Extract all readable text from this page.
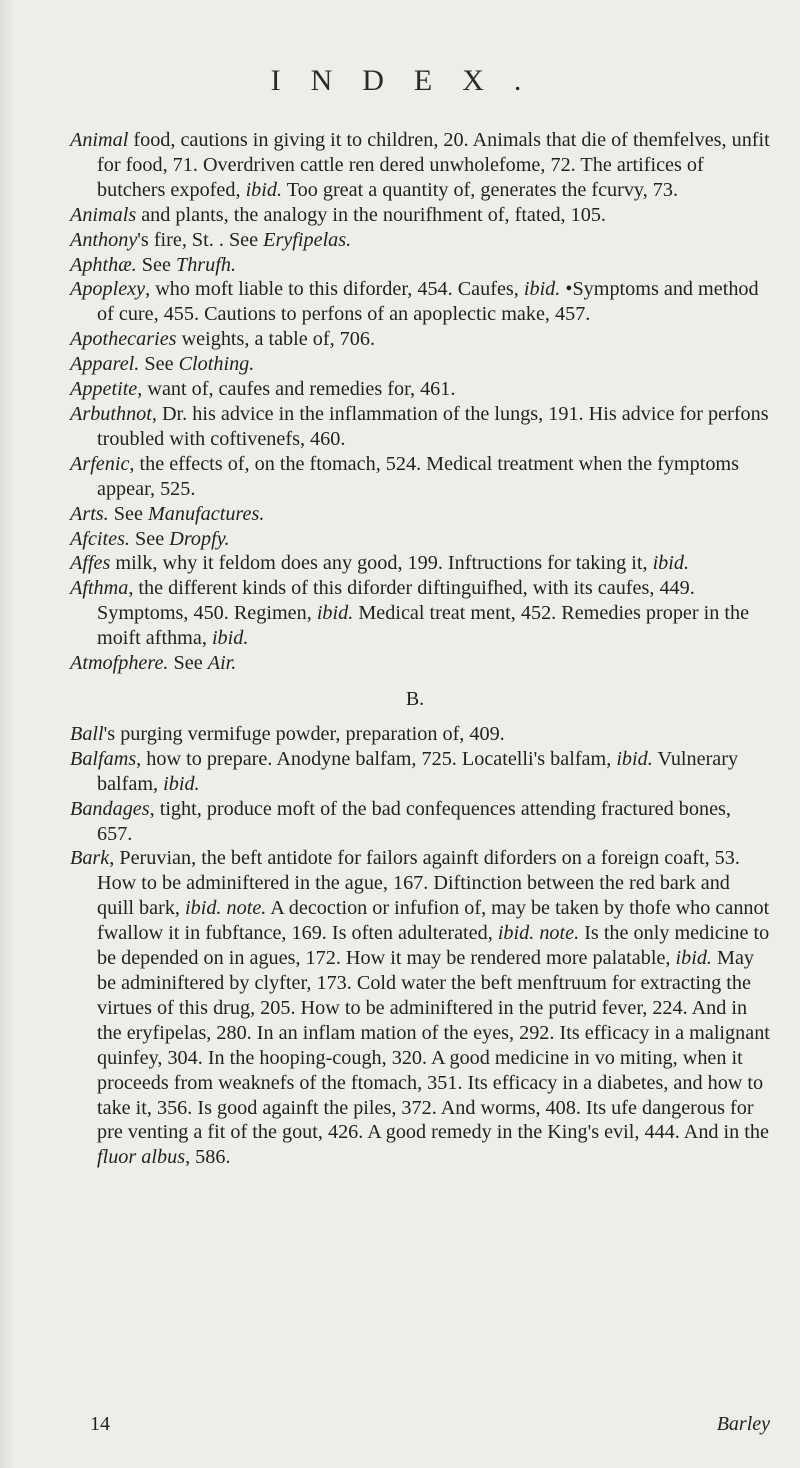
INDEX.

Animal food, cautions in giving it to children, 20. Animals that die of themfelves, unfit for food, 71. Overdriven cattle ren dered unwholefome, 72. The artifices of butchers expofed, ibid. Too great a quantity of, generates the fcurvy, 73.

Animals and plants, the analogy in the nourifhment of, ftated, 105.

Anthony's fire, St. . See Eryfipelas.

Aphthæ. See Thrufh.

Apoplexy, who moft liable to this diforder, 454. Caufes, ibid. •Symptoms and method of cure, 455. Cautions to perfons of an apoplectic make, 457.

Apothecaries weights, a table of, 706.

Apparel. See Clothing.

Appetite, want of, caufes and remedies for, 461.

Arbuthnot, Dr. his advice in the inflammation of the lungs, 191. His advice for perfons troubled with coftivenefs, 460.

Arfenic, the effects of, on the ftomach, 524. Medical treatment when the fymptoms appear, 525.

Arts. See Manufactures.

Afcites. See Dropfy.

Affes milk, why it feldom does any good, 199. Inftructions for taking it, ibid.

Afthma, the different kinds of this diforder diftinguifhed, with its caufes, 449. Symptoms, 450. Regimen, ibid. Medical treat ment, 452. Remedies proper in the moift afthma, ibid.

Atmofphere. See Air.

B.

Ball's purging vermifuge powder, preparation of, 409.

Balfams, how to prepare. Anodyne balfam, 725. Locatelli's balfam, ibid. Vulnerary balfam, ibid.

Bandages, tight, produce moft of the bad confequences attending fractured bones, 657.

Bark, Peruvian, the beft antidote for failors againft diforders on a foreign coaft, 53. How to be adminiftered in the ague, 167. Diftinction between the red bark and quill bark, ibid. note. A decoction or infufion of, may be taken by thofe who cannot fwallow it in fubftance, 169. Is often adulterated, ibid. note. Is the only medicine to be depended on in agues, 172. How it may be rendered more palatable, ibid. May be adminiftered by clyfter, 173. Cold water the beft menftruum for extracting the virtues of this drug, 205. How to be adminiftered in the putrid fever, 224. And in the eryfipelas, 280. In an inflam mation of the eyes, 292. Its efficacy in a malignant quinfey, 304. In the hooping-cough, 320. A good medicine in vo miting, when it proceeds from weaknefs of the ftomach, 351. Its efficacy in a diabetes, and how to take it, 356. Is good againft the piles, 372. And worms, 408. Its ufe dangerous for pre venting a fit of the gout, 426. A good remedy in the King's evil, 444. And in the fluor albus, 586.

14	Barley
